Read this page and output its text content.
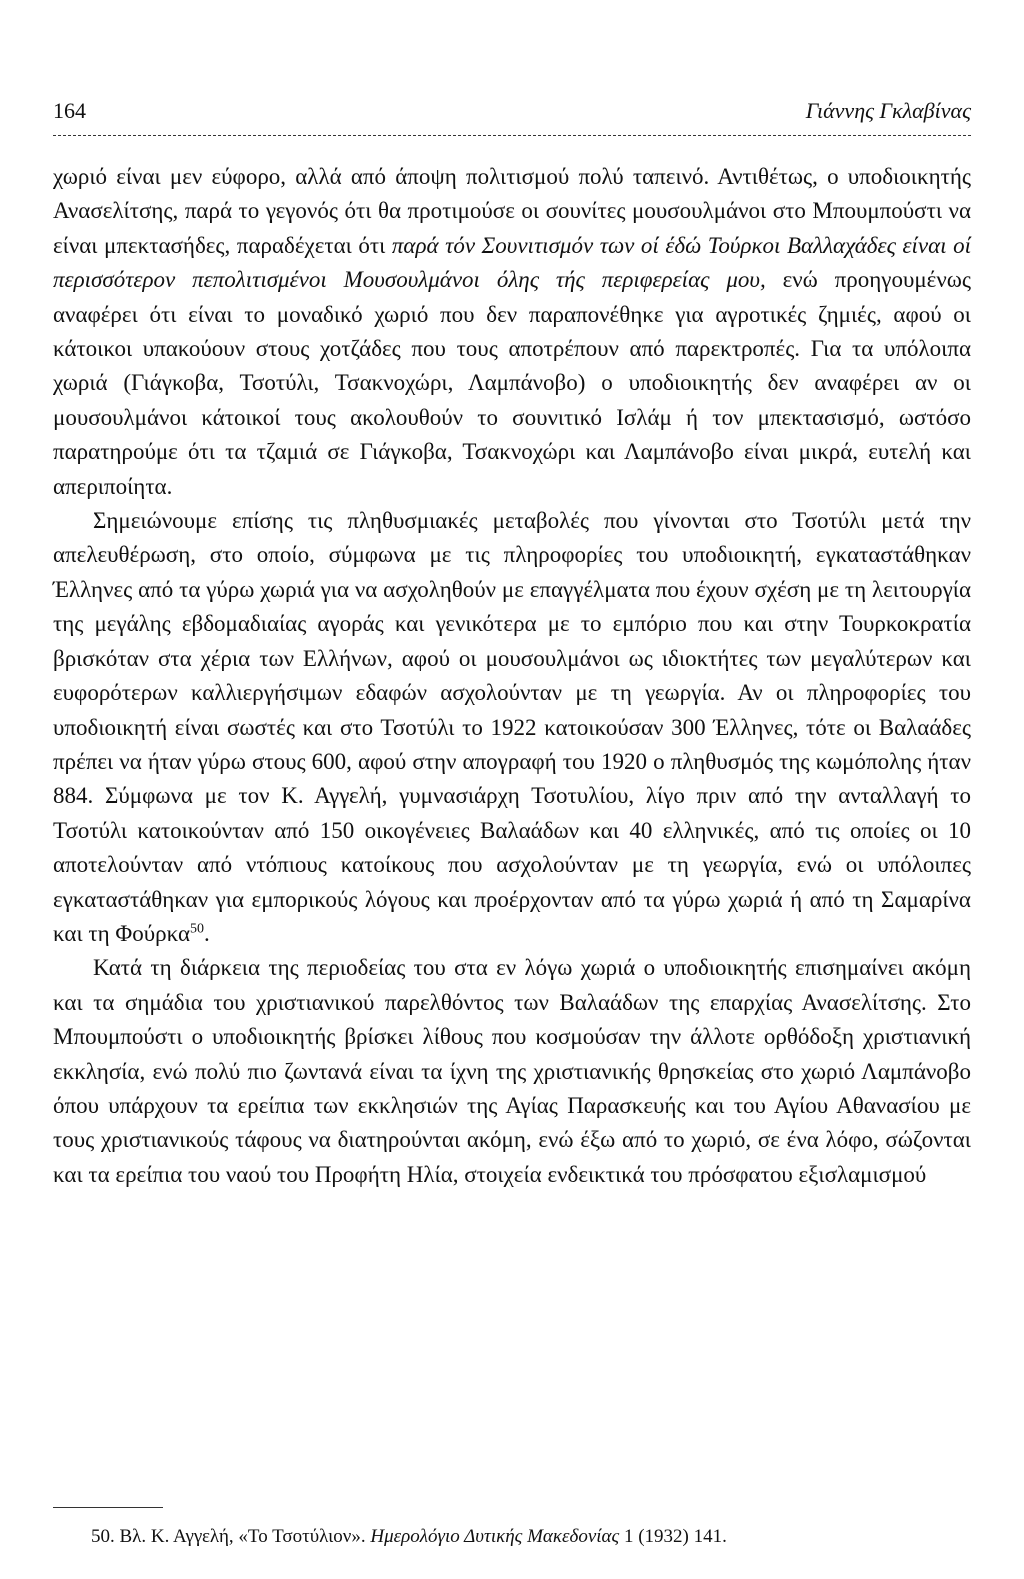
164	Γιάννης Γκλαβίνας

χωριό είναι μεν εύφορο, αλλά από άποψη πολιτισμού πολύ ταπεινό. Αντιθέτως, ο υποδιοικητής Ανασελίτσης, παρά το γεγονός ότι θα προτιμούσε οι σουνίτες μουσουλμάνοι στο Μπουμπούστι να είναι μπεκτασήδες, παραδέχεται ότι παρά τόν Σουνιτισμόν των οί έδώ Τούρκοι Βαλλαχάδες είναι οί περισσότερον πεπολιτισμένοι Μουσουλμάνοι όλης τής περιφερείας μου, ενώ προηγουμένως αναφέρει ότι είναι το μοναδικό χωριό που δεν παραπονέθηκε για αγροτικές ζημιές, αφού οι κάτοικοι υπακούουν στους χοτζάδες που τους αποτρέπουν από παρεκτροπές. Για τα υπόλοιπα χωριά (Γιάγκοβα, Τσοτύλι, Τσακνοχώρι, Λαμπάνοβο) ο υποδιοικητής δεν αναφέρει αν οι μουσουλμάνοι κάτοικοί τους ακολουθούν το σουνιτικό Ισλάμ ή τον μπεκτασισμό, ωστόσο παρατηρούμε ότι τα τζαμιά σε Γιάγκοβα, Τσακνοχώρι και Λαμπάνοβο είναι μικρά, ευτελή και απεριποίητα.

Σημειώνουμε επίσης τις πληθυσμιακές μεταβολές που γίνονται στο Τσοτύλι μετά την απελευθέρωση, στο οποίο, σύμφωνα με τις πληροφορίες του υποδιοικητή, εγκαταστάθηκαν Έλληνες από τα γύρω χωριά για να ασχοληθούν με επαγγέλματα που έχουν σχέση με τη λειτουργία της μεγάλης εβδομαδιαίας αγοράς και γενικότερα με το εμπόριο που και στην Τουρκοκρατία βρισκόταν στα χέρια των Ελλήνων, αφού οι μουσουλμάνοι ως ιδιοκτήτες των μεγαλύτερων και ευφορότερων καλλιεργήσιμων εδαφών ασχολούνταν με τη γεωργία. Αν οι πληροφορίες του υποδιοικητή είναι σωστές και στο Τσοτύλι το 1922 κατοικούσαν 300 Έλληνες, τότε οι Βαλαάδες πρέπει να ήταν γύρω στους 600, αφού στην απογραφή του 1920 ο πληθυσμός της κωμόπολης ήταν 884. Σύμφωνα με τον Κ. Αγγελή, γυμνασιάρχη Τσοτυλίου, λίγο πριν από την ανταλλαγή το Τσοτύλι κατοικούνταν από 150 οικογένειες Βαλαάδων και 40 ελληνικές, από τις οποίες οι 10 αποτελούνταν από ντόπιους κατοίκους που ασχολούνταν με τη γεωργία, ενώ οι υπόλοιπες εγκαταστάθηκαν για εμπορικούς λόγους και προέρχονταν από τα γύρω χωριά ή από τη Σαμαρίνα και τη Φούρκα$^{50}$.

Κατά τη διάρκεια της περιοδείας του στα εν λόγω χωριά ο υποδιοικητής επισημαίνει ακόμη και τα σημάδια του χριστιανικού παρελθόντος των Βαλαάδων της επαρχίας Ανασελίτσης. Στο Μπουμπούστι ο υποδιοικητής βρίσκει λίθους που κοσμούσαν την άλλοτε ορθόδοξη χριστιανική εκκλησία, ενώ πολύ πιο ζωντανά είναι τα ίχνη της χριστιανικής θρησκείας στο χωριό Λαμπάνοβο όπου υπάρχουν τα ερείπια των εκκλησιών της Αγίας Παρασκευής και του Αγίου Αθανασίου με τους χριστιανικούς τάφους να διατηρούνται ακόμη, ενώ έξω από το χωριό, σε ένα λόφο, σώζονται και τα ερείπια του ναού του Προφήτη Ηλία, στοιχεία ενδεικτικά του πρόσφατου εξισλαμισμού

50. Βλ. Κ. Αγγελή, «Το Τσοτύλιον». Ημερολόγιο Δυτικής Μακεδονίας 1 (1932) 141.
